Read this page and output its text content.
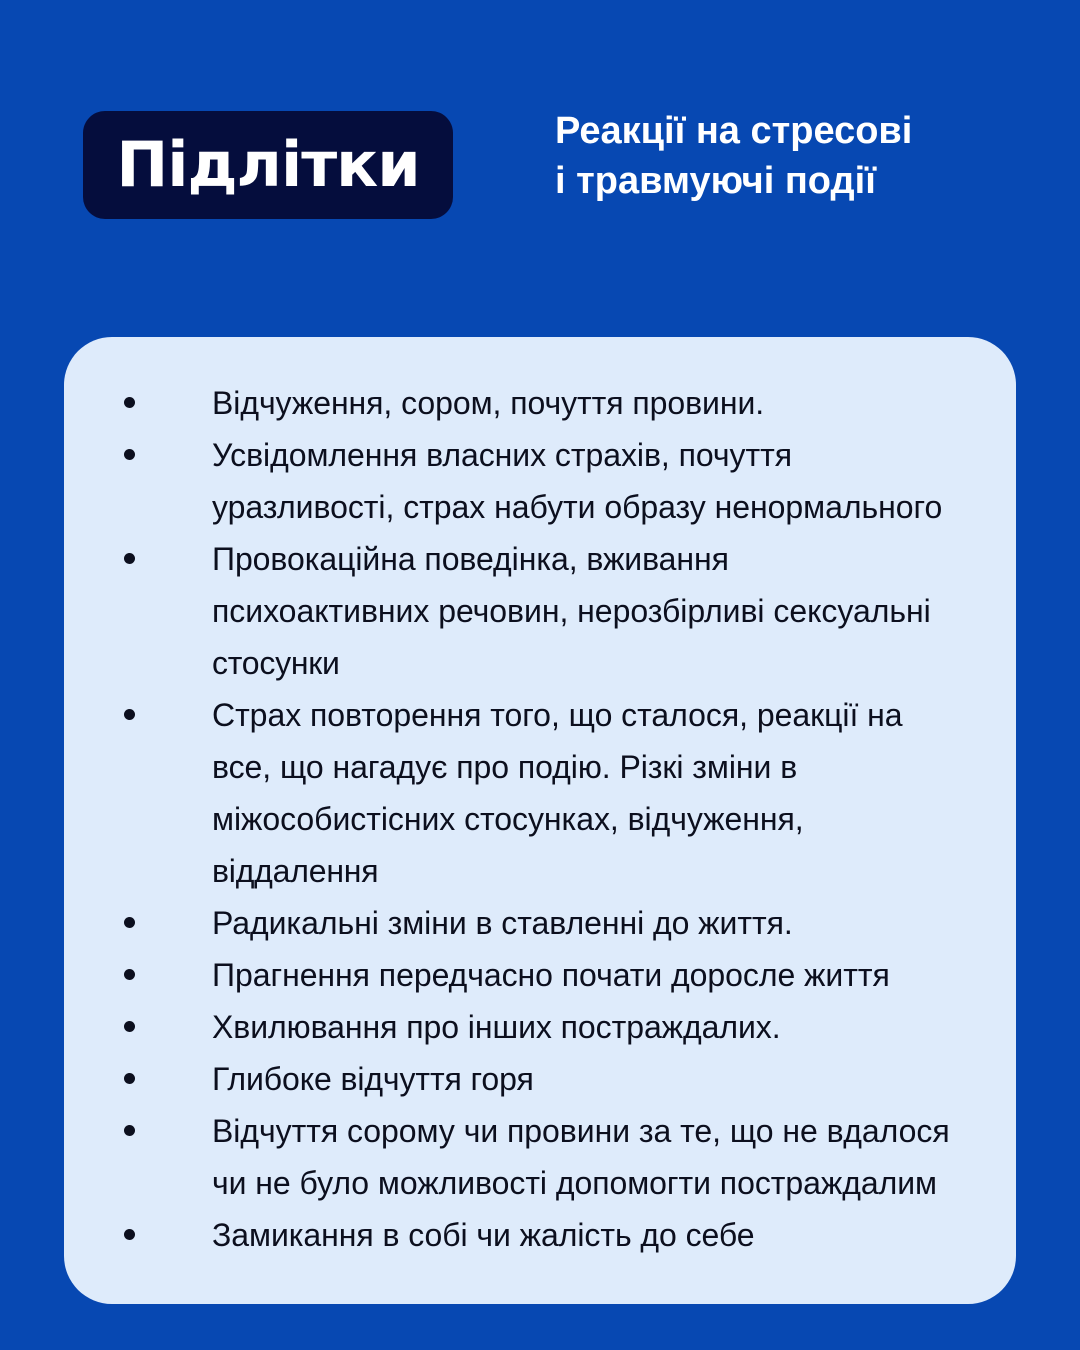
Підлітки	Реакції на стресові
і травмуючі події
Відчуження, сором, почуття провини.
Усвідомлення власних страхів, почуття
уразливості, страх набути образу ненормального
Провокаційна поведінка, вживання
психоактивних речовин, нерозбірливі сексуальні
стосунки
Страх повторення того, що сталося, реакції на
все, що нагадує про подію. Різкі зміни в
міжособистісних стосунках, відчуження,
віддалення
Радикальні зміни в ставленні до життя.
Прагнення передчасно почати доросле життя
Хвилювання про інших постраждалих.
Глибоке відчуття горя
Відчуття сорому чи провини за те, що не вдалося
чи не було можливості допомогти постраждалим
Замикання в собі чи жалість до себе
